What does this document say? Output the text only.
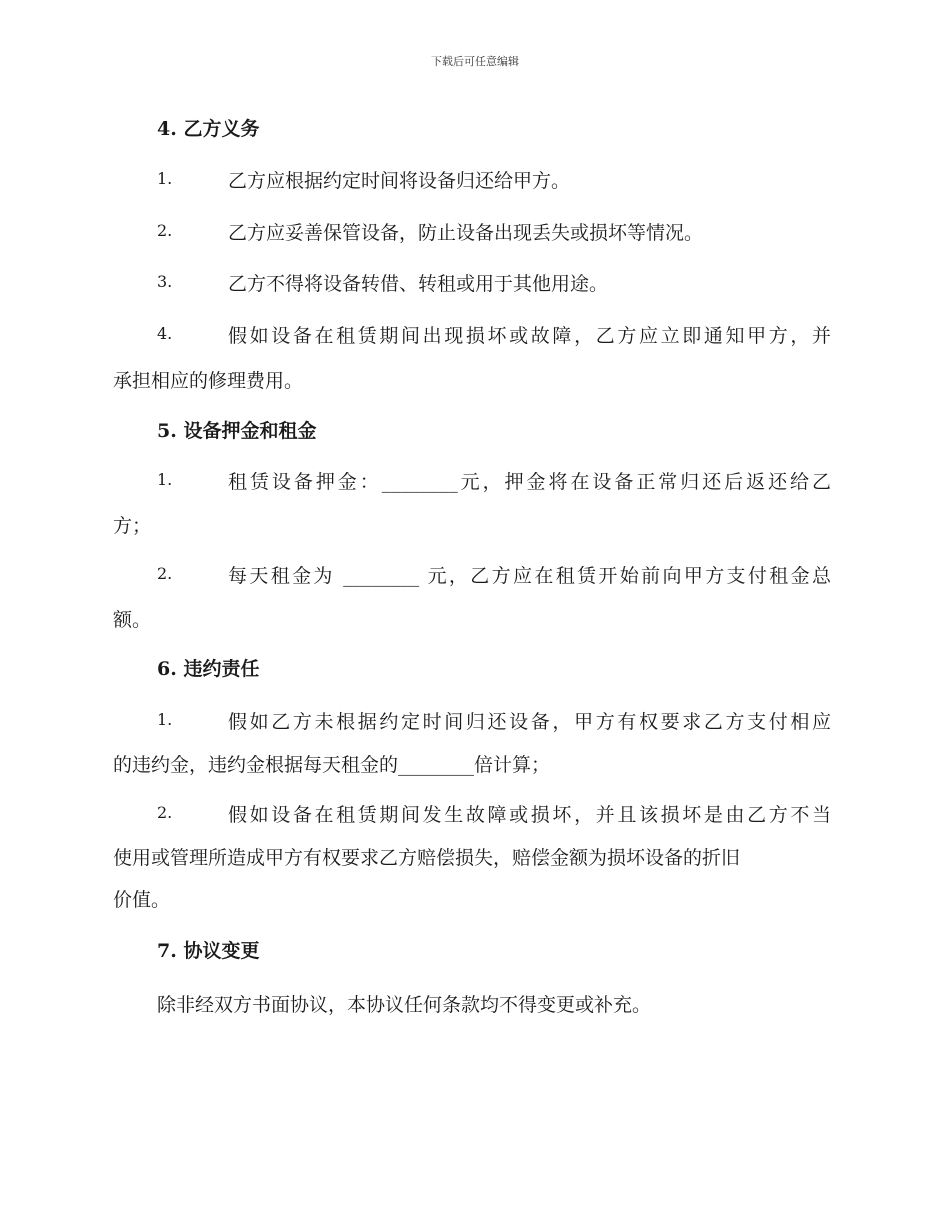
下载后可任意编辑
4. 乙方义务
1.	乙方应根据约定时间将设备归还给甲方。
2.	乙方应妥善保管设备，防止设备出现丢失或损坏等情况。
3.	乙方不得将设备转借、转租或用于其他用途。
4.	假如设备在租赁期间出现损坏或故障，乙方应立即通知甲方，并
承担相应的修理费用。
5. 设备押金和租金
1.	租赁设备押金：________元，押金将在设备正常归还后返还给乙
方；
2.	每天租金为 ________ 元，乙方应在租赁开始前向甲方支付租金总
额。
6. 违约责任
1.	假如乙方未根据约定时间归还设备，甲方有权要求乙方支付相应
的违约金，违约金根据每天租金的________倍计算；
2.	假如设备在租赁期间发生故障或损坏，并且该损坏是由乙方不当
使用或管理所造成甲方有权要求乙方赔偿损失，赔偿金额为损坏设备的折旧
价值。
7. 协议变更
除非经双方书面协议，本协议任何条款均不得变更或补充。
